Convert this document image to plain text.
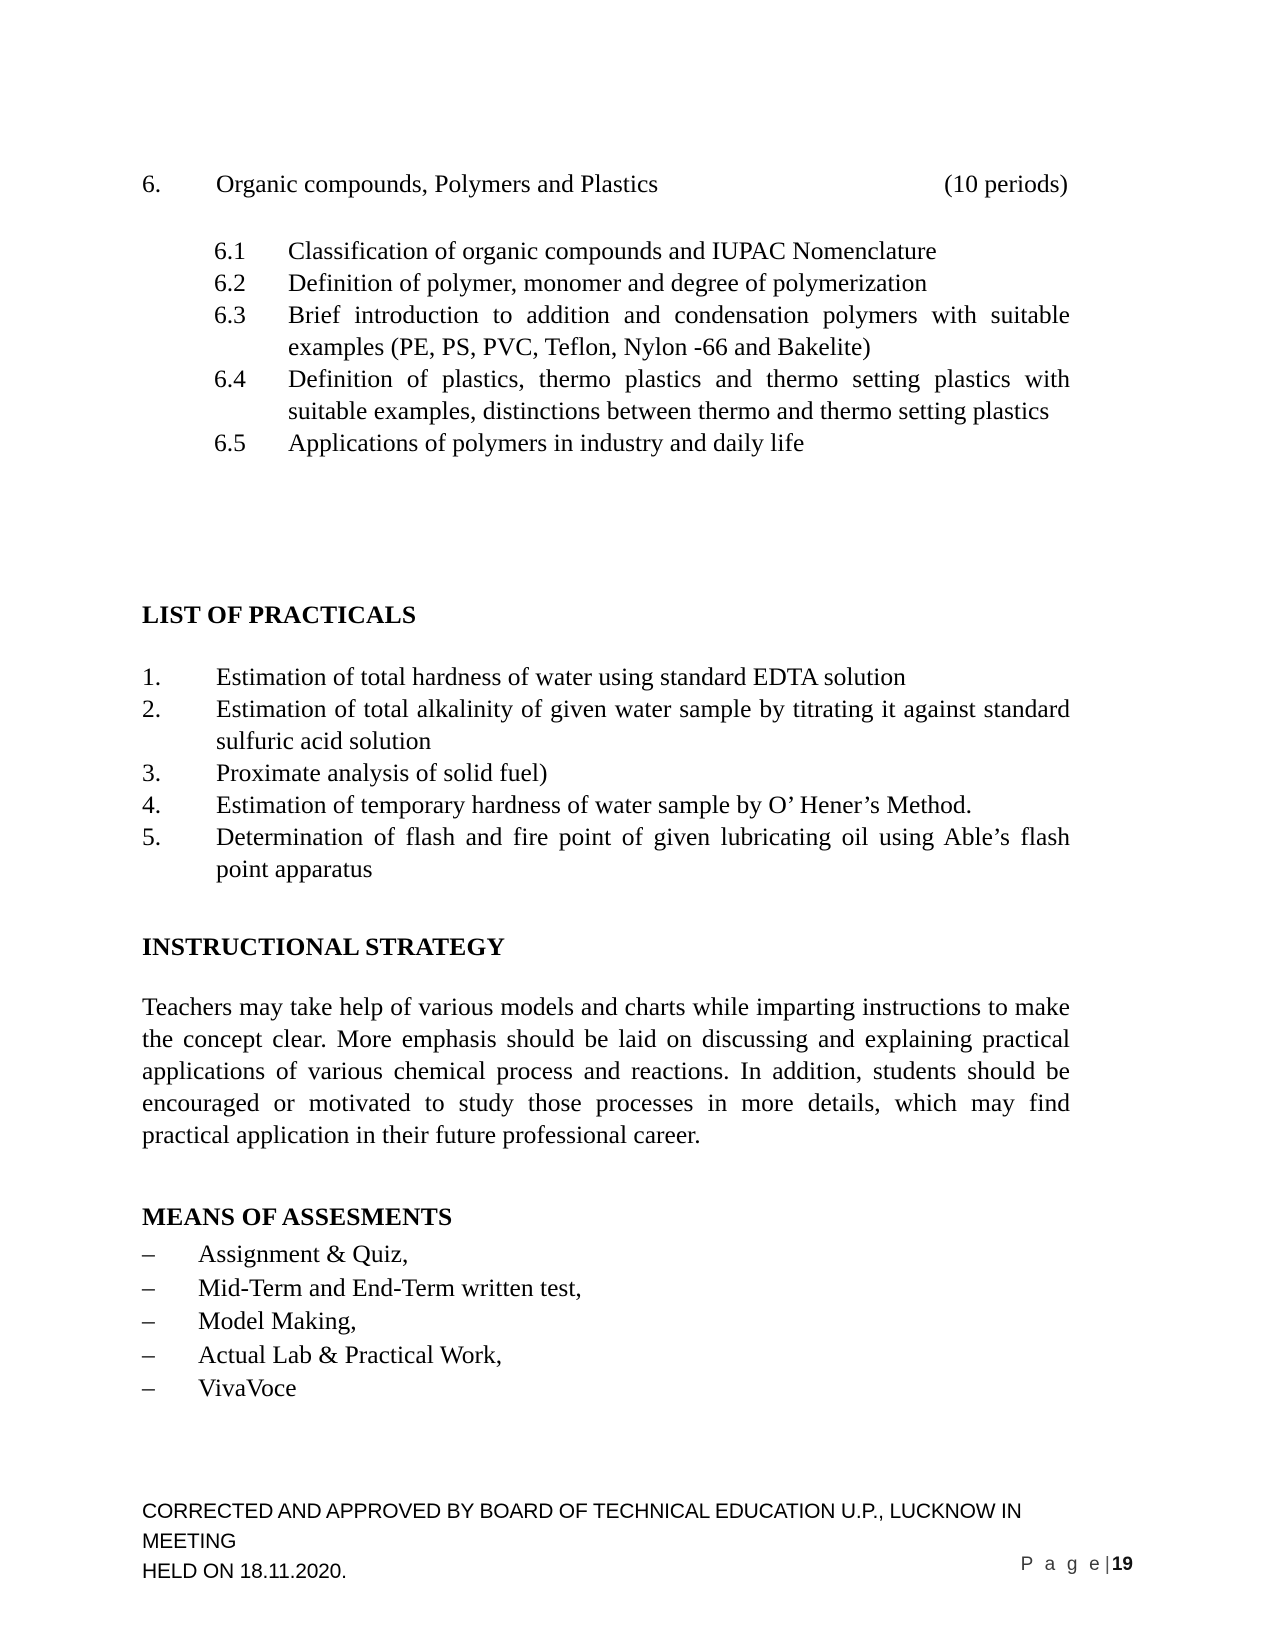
6.	Organic compounds, Polymers and Plastics	(10 periods)
6.1	Classification of organic compounds and IUPAC Nomenclature
6.2	Definition of polymer, monomer and degree of polymerization
6.3	Brief introduction to addition and condensation polymers with suitable examples (PE, PS, PVC, Teflon, Nylon -66 and Bakelite)
6.4	Definition of plastics, thermo plastics and thermo setting plastics with suitable examples, distinctions between thermo and thermo setting plastics
6.5	Applications of polymers in industry and daily life
LIST OF PRACTICALS
1.	Estimation of total hardness of water using standard EDTA solution
2.	Estimation of total alkalinity of given water sample by titrating it against standard sulfuric acid solution
3.	Proximate analysis of solid fuel)
4.	Estimation of temporary hardness of water sample by O’ Hener’s Method.
5.	Determination of flash and fire point of given lubricating oil using Able’s flash point apparatus
INSTRUCTIONAL STRATEGY
Teachers may take help of various models and charts while imparting instructions to make the concept clear. More emphasis should be laid on discussing and explaining practical applications of various chemical process and reactions. In addition, students should be encouraged or motivated to study those processes in more details, which may find practical application in their future professional career.
MEANS OF ASSESMENTS
–	Assignment & Quiz,
–	Mid-Term and End-Term written test,
–	Model Making,
–	Actual Lab & Practical Work,
–	VivaVoce
CORRECTED AND APPROVED BY BOARD OF TECHNICAL EDUCATION U.P., LUCKNOW IN MEETING
HELD ON 18.11.2020.	P a g e | 19
